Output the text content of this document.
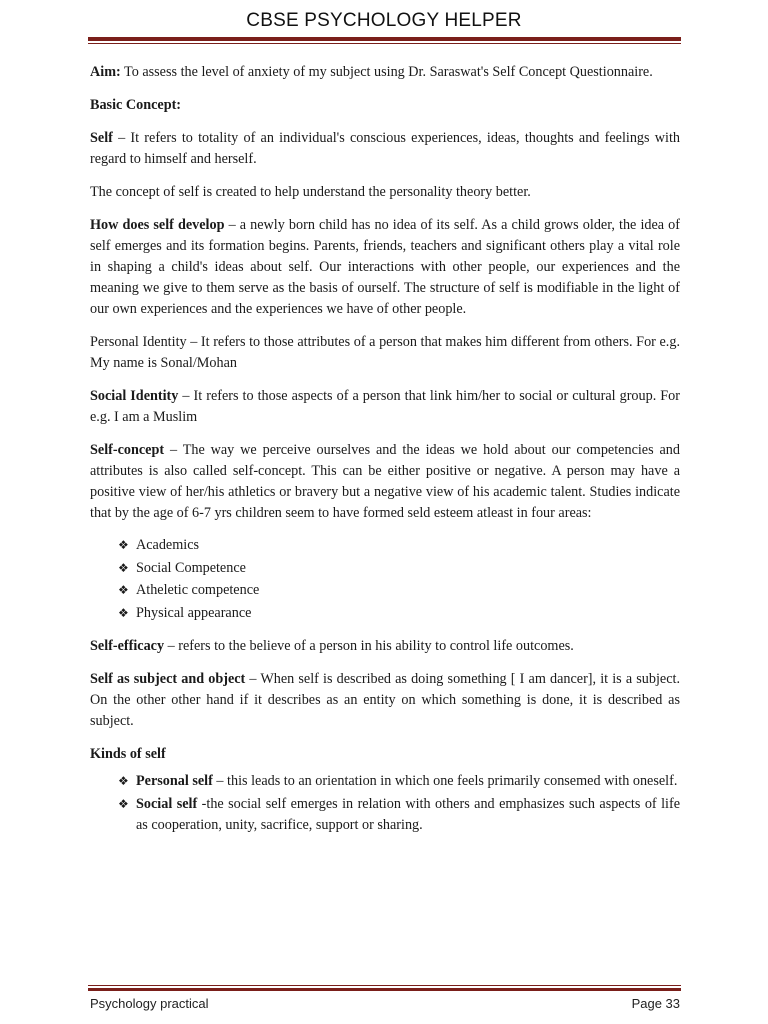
CBSE PSYCHOLOGY HELPER

Aim: To assess the level of anxiety of my subject using Dr. Saraswat's Self Concept Questionnaire.

Basic Concept:

Self – It refers to totality of an individual's conscious experiences, ideas, thoughts and feelings with regard to himself and herself.

The concept of self is created to help understand the personality theory better.

How does self develop – a newly born child has no idea of its self. As a child grows older, the idea of self emerges and its formation begins. Parents, friends, teachers and significant others play a vital role in shaping a child's ideas about self. Our interactions with other people, our experiences and the meaning we give to them serve as the basis of ourself. The structure of self is modifiable in the light of our own experiences and the experiences we have of other people.

Personal Identity – It refers to those attributes of a person that makes him different from others. For e.g. My name is Sonal/Mohan

Social Identity – It refers to those aspects of a person that link him/her to social or cultural group. For e.g. I am a Muslim

Self-concept – The way we perceive ourselves and the ideas we hold about our competencies and attributes is also called self-concept. This can be either positive or negative. A person may have a positive view of her/his athletics or bravery but a negative view of his academic talent. Studies indicate that by the age of 6-7 yrs children seem to have formed seld esteem atleast in four areas:

❖ Academics
❖ Social Competence
❖ Atheletic competence
❖ Physical appearance

Self-efficacy – refers to the believe of a person in his ability to control life outcomes.

Self as subject and object – When self is described as doing something [ I am dancer], it is a subject. On the other other hand if it describes as an entity on which something is done, it is described as subject.

Kinds of self

❖ Personal self – this leads to an orientation in which one feels primarily consemed with oneself.
❖ Social self -the social self emerges in relation with others and emphasizes such aspects of life as cooperation, unity, sacrifice, support or sharing.
Psychology practical	Page 33
